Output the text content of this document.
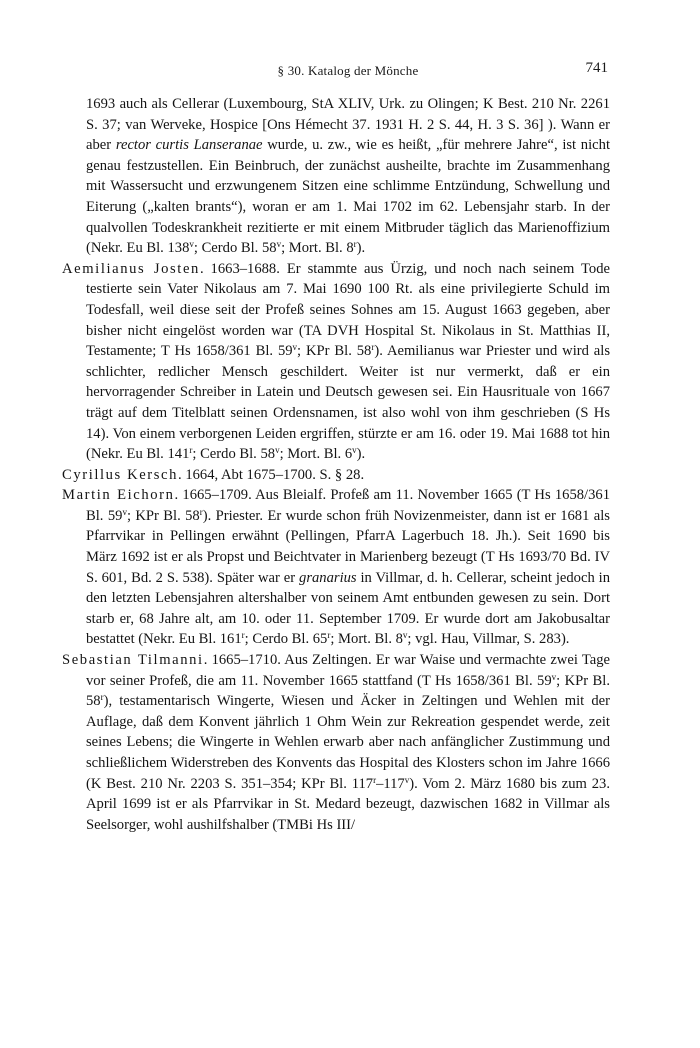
§ 30. Katalog der Mönche	741

1693 auch als Cellerar (Luxembourg, StA XLIV, Urk. zu Olingen; K Best. 210 Nr. 2261 S. 37; van Werveke, Hospice [Ons Hémecht 37. 1931 H. 2 S. 44, H. 3 S. 36] ). Wann er aber rector curtis Lanseranae wurde, u. zw., wie es heißt, „für mehrere Jahre“, ist nicht genau festzustellen. Ein Beinbruch, der zunächst ausheilte, brachte im Zusammenhang mit Wassersucht und erzwungenem Sitzen eine schlimme Entzündung, Schwellung und Eiterung („kalten brants“), woran er am 1. Mai 1702 im 62. Lebensjahr starb. In der qualvollen Todeskrankheit rezitierte er mit einem Mitbruder täglich das Marienoffizium (Nekr. Eu Bl. 138$^v$; Cerdo Bl. 58$^v$; Mort. Bl. 8$^r$).

Aemilianus Josten. 1663–1688. Er stammte aus Ürzig, und noch nach seinem Tode testierte sein Vater Nikolaus am 7. Mai 1690 100 Rt. als eine privilegierte Schuld im Todesfall, weil diese seit der Profeß seines Sohnes am 15. August 1663 gegeben, aber bisher nicht eingelöst worden war (TA DVH Hospital St. Nikolaus in St. Matthias II, Testamente; T Hs 1658/361 Bl. 59$^v$; KPr Bl. 58$^r$). Aemilianus war Priester und wird als schlichter, redlicher Mensch geschildert. Weiter ist nur vermerkt, daß er ein hervorragender Schreiber in Latein und Deutsch gewesen sei. Ein Hausrituale von 1667 trägt auf dem Titelblatt seinen Ordensnamen, ist also wohl von ihm geschrieben (S Hs 14). Von einem verborgenen Leiden ergriffen, stürzte er am 16. oder 19. Mai 1688 tot hin (Nekr. Eu Bl. 141$^r$; Cerdo Bl. 58$^v$; Mort. Bl. 6$^v$).

Cyrillus Kersch. 1664, Abt 1675–1700. S. § 28.

Martin Eichorn. 1665–1709. Aus Bleialf. Profeß am 11. November 1665 (T Hs 1658/361 Bl. 59$^v$; KPr Bl. 58$^r$). Priester. Er wurde schon früh Novizenmeister, dann ist er 1681 als Pfarrvikar in Pellingen erwähnt (Pellingen, PfarrA Lagerbuch 18. Jh.). Seit 1690 bis März 1692 ist er als Propst und Beichtvater in Marienberg bezeugt (T Hs 1693/70 Bd. IV S. 601, Bd. 2 S. 538). Später war er granarius in Villmar, d. h. Cellerar, scheint jedoch in den letzten Lebensjahren altershalber von seinem Amt entbunden gewesen zu sein. Dort starb er, 68 Jahre alt, am 10. oder 11. September 1709. Er wurde dort am Jakobusaltar bestattet (Nekr. Eu Bl. 161$^r$; Cerdo Bl. 65$^r$; Mort. Bl. 8$^v$; vgl. Hau, Villmar, S. 283).

Sebastian Tilmanni. 1665–1710. Aus Zeltingen. Er war Waise und vermachte zwei Tage vor seiner Profeß, die am 11. November 1665 stattfand (T Hs 1658/361 Bl. 59$^v$; KPr Bl. 58$^r$), testamentarisch Wingerte, Wiesen und Äcker in Zeltingen und Wehlen mit der Auflage, daß dem Konvent jährlich 1 Ohm Wein zur Rekreation gespendet werde, zeit seines Lebens; die Wingerte in Wehlen erwarb aber nach anfänglicher Zustimmung und schließlichem Widerstreben des Konvents das Hospital des Klosters schon im Jahre 1666 (K Best. 210 Nr. 2203 S. 351–354; KPr Bl. 117$^r$–117$^v$). Vom 2. März 1680 bis zum 23. April 1699 ist er als Pfarrvikar in St. Medard bezeugt, dazwischen 1682 in Villmar als Seelsorger, wohl aushilfshalber (TMBi Hs III/
